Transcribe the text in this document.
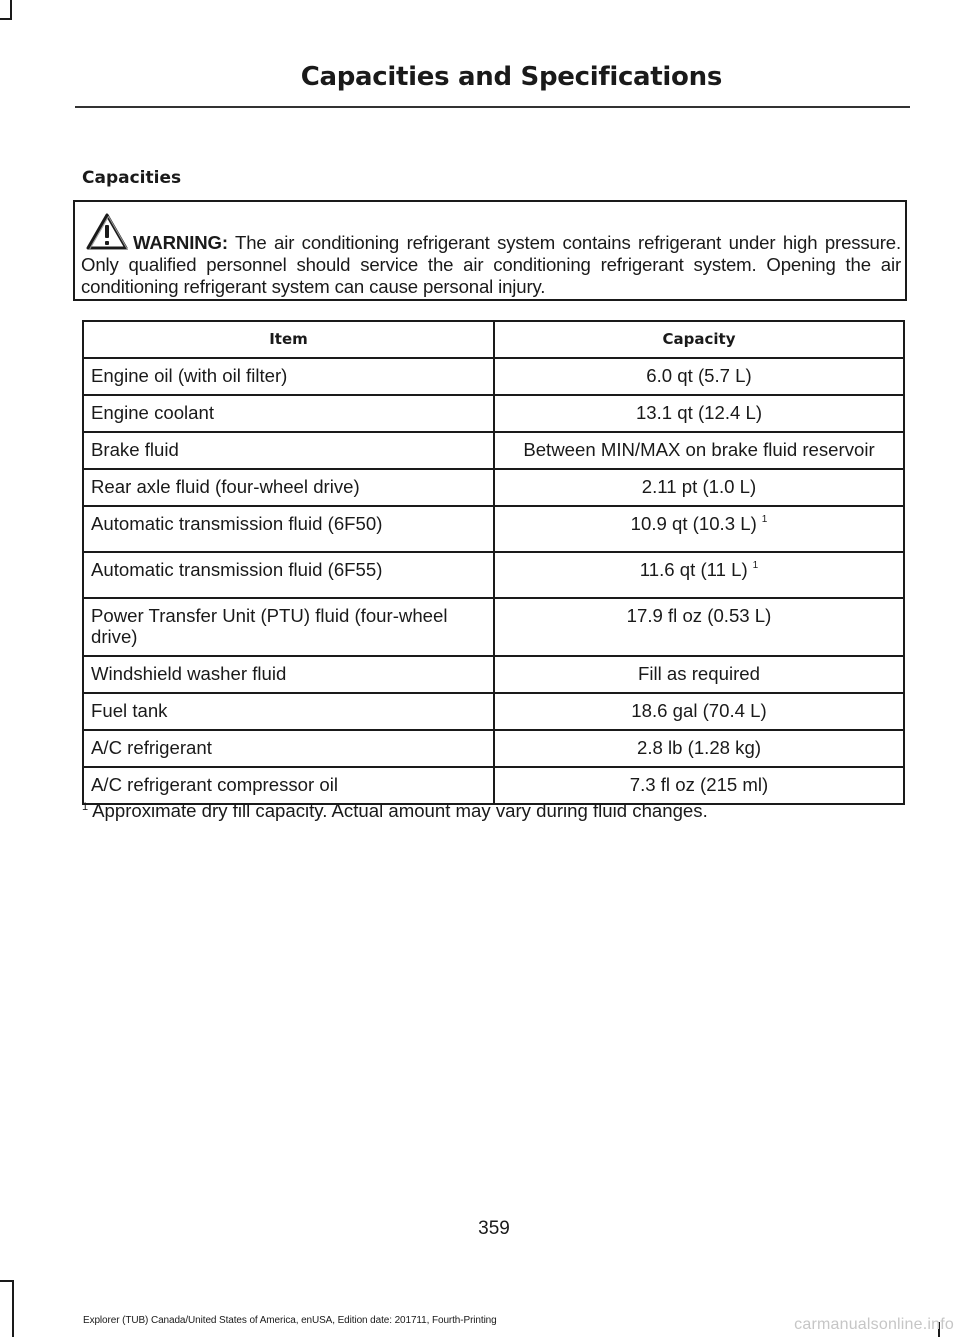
Capacities and Specifications
Capacities
WARNING: The air conditioning refrigerant system contains refrigerant under high pressure. Only qualified personnel should service the air conditioning refrigerant system. Opening the air conditioning refrigerant system can cause personal injury.
Item	Capacity
Engine oil (with oil filter)	6.0 qt (5.7 L)
Engine coolant	13.1 qt (12.4 L)
Brake fluid	Between MIN/MAX on brake fluid reservoir
Rear axle fluid (four-wheel drive)	2.11 pt (1.0 L)
Automatic transmission fluid (6F50)	10.9 qt (10.3 L) $^1$
Automatic transmission fluid (6F55)	11.6 qt (11 L) $^1$
Power Transfer Unit (PTU) fluid (four-wheel drive)	17.9 fl oz (0.53 L)
Windshield washer fluid	Fill as required
Fuel tank	18.6 gal (70.4 L)
A/C refrigerant	2.8 lb (1.28 kg)
A/C refrigerant compressor oil	7.3 fl oz (215 ml)
$^1$ Approximate dry fill capacity. Actual amount may vary during fluid changes.
359
Explorer (TUB) Canada/United States of America, enUSA, Edition date: 201711, Fourth-Printing	carmanualsonline.info
